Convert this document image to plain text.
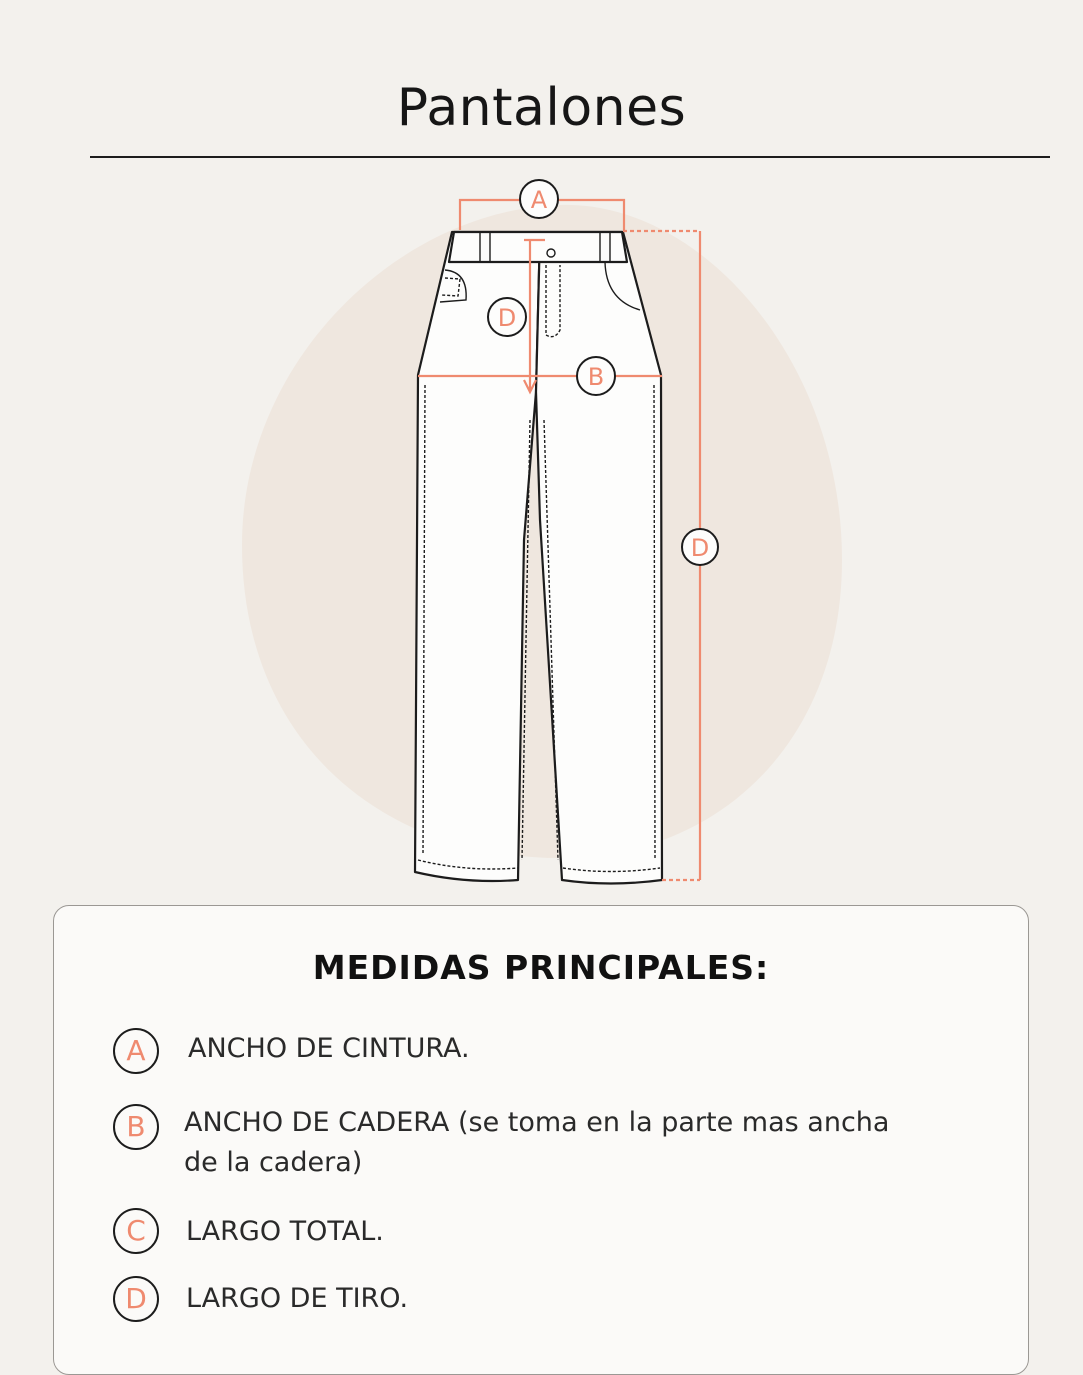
Pantalones
A
D
B
D
MEDIDAS PRINCIPALES:
A	ANCHO DE CINTURA.
B	ANCHO DE CADERA (se toma en la parte mas ancha
de la cadera)
C	LARGO TOTAL.
D	LARGO DE TIRO.
